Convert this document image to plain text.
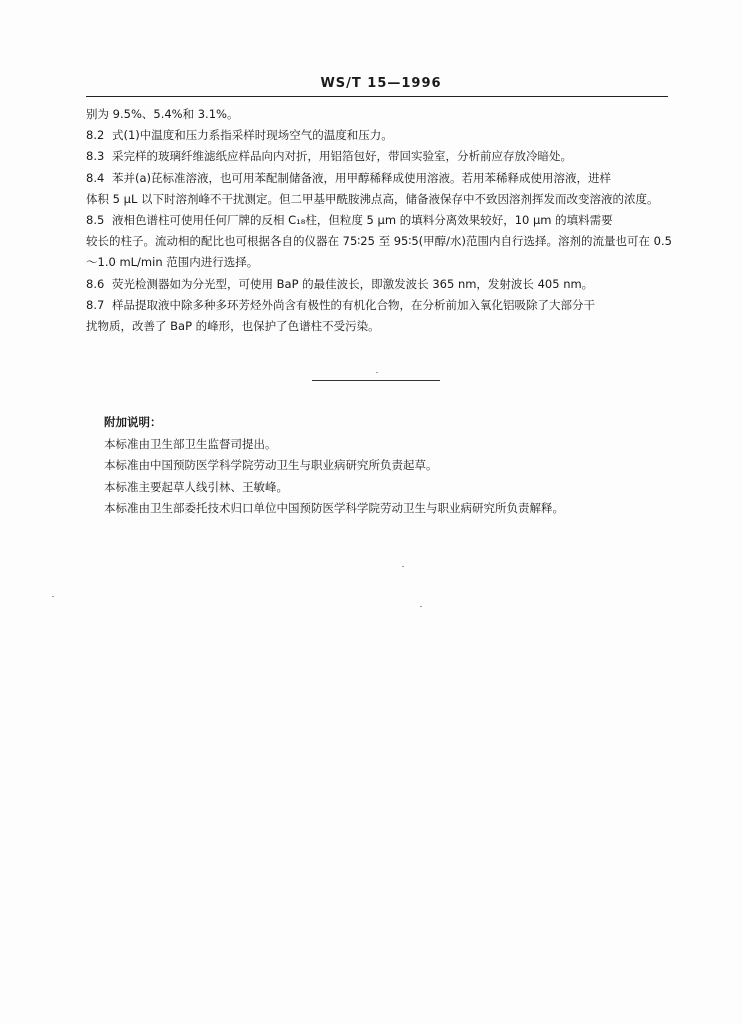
WS/T 15—1996

别为 9.5%、5.4%和 3.1%。

8.2 式(1)中温度和压力系指采样时现场空气的温度和压力。
8.3 采完样的玻璃纤维滤纸应样品向内对折，用铝箔包好，带回实验室，分析前应存放冷暗处。
8.4 苯并(a)芘标准溶液，也可用苯配制储备液，用甲醇稀释成使用溶液。若用苯稀释成使用溶液，进样
体积 5 μL 以下时溶剂峰不干扰测定。但二甲基甲酰胺沸点高，储备液保存中不致因溶剂挥发而改变溶液的浓度。
8.5 液相色谱柱可使用任何厂牌的反相 C₁₈柱，但粒度 5 μm 的填料分离效果较好，10 μm 的填料需要
较长的柱子。流动相的配比也可根据各自的仪器在 75∶25 至 95∶5(甲醇/水)范围内自行选择。溶剂的流量也可在 0.5～1.0 mL/min 范围内进行选择。
8.6 荧光检测器如为分光型，可使用 BaP 的最佳波长，即激发波长 365 nm，发射波长 405 nm。
8.7 样品提取液中除多种多环芳烃外尚含有极性的有机化合物，在分析前加入氧化铝吸除了大部分干
扰物质，改善了 BaP 的峰形，也保护了色谱柱不受污染。
附加说明：
本标准由卫生部卫生监督司提出。
本标准由中国预防医学科学院劳动卫生与职业病研究所负责起草。
本标准主要起草人线引林、王敏峰。
本标准由卫生部委托技术归口单位中国预防医学科学院劳动卫生与职业病研究所负责解释。
